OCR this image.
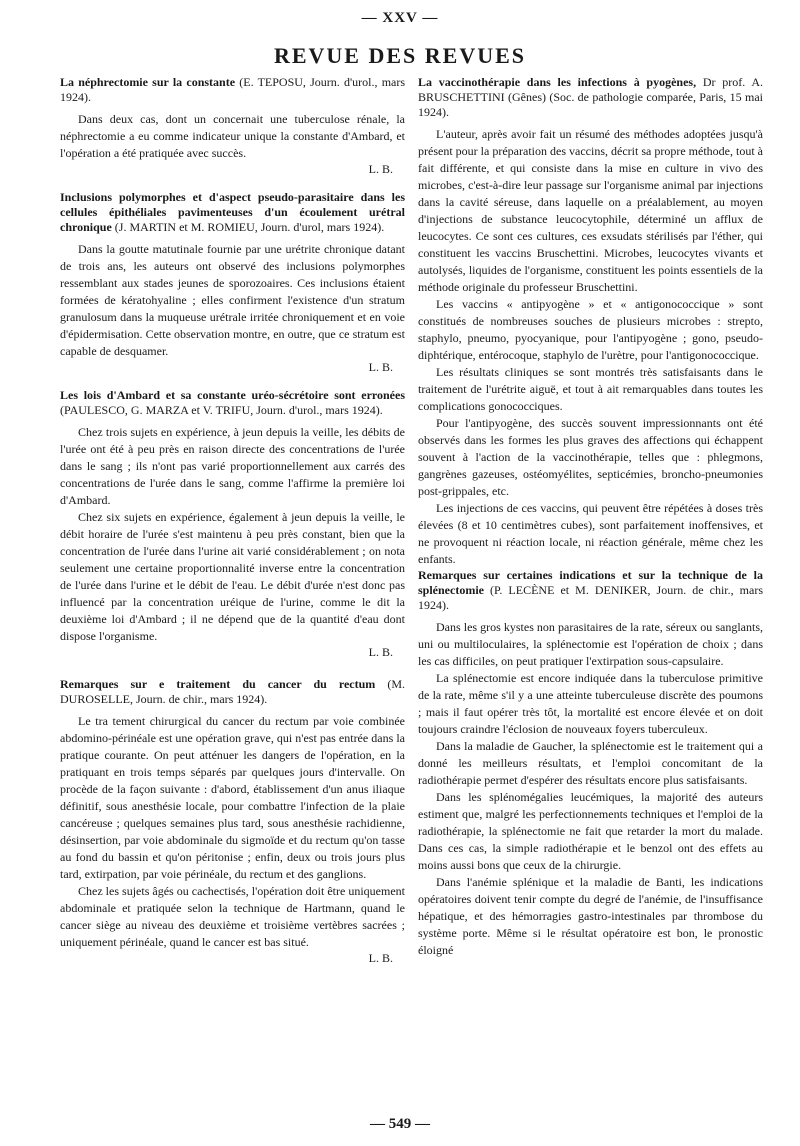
— XXV —
REVUE DES REVUES
La néphrectomie sur la constante (E. TEPOSU, Journ. d'urol., mars 1924).

Dans deux cas, dont un concernait une tuberculose rénale, la néphrectomie a eu comme indicateur unique la constante d'Ambard, et l'opération a été pratiquée avec succès.

L. B.
Inclusions polymorphes et d'aspect pseudo-parasitaire dans les cellules épithéliales pavimenteuses d'un écoulement urétral chronique (J. MARTIN et M. ROMIEU, Journ. d'urol, mars 1924).

Dans la goutte matutinale fournie par une urétrite chronique datant de trois ans, les auteurs ont observé des inclusions polymorphes ressemblant aux stades jeunes de sporozoaires. Ces inclusions étaient formées de kératohyaline ; elles confirment l'existence d'un stratum granulosum dans la muqueuse urétrale irritée chroniquement et en voie d'épidermisation. Cette observation montre, en outre, que ce stratum est capable de desquamer.

L. B.
Les lois d'Ambard et sa constante uréo-sécrétoire sont erronées (PAULESCO, G. MARZA et V. TRIFU, Journ. d'urol., mars 1924).

Chez trois sujets en expérience, à jeun depuis la veille, les débits de l'urée ont été à peu près en raison directe des concentrations de l'urée dans le sang ; ils n'ont pas varié proportionnellement aux carrés des concentrations de l'urée dans le sang, comme l'affirme la première loi d'Ambard.

Chez six sujets en expérience, également à jeun depuis la veille, le débit horaire de l'urée s'est maintenu à peu près constant, bien que la concentration de l'urée dans l'urine ait varié considérablement ; on nota seulement une certaine proportionnalité inverse entre la concentration de l'urée dans l'urine et le débit de l'eau. Le débit d'urée n'est donc pas influencé par la concentration uréique de l'urine, comme le dit la deuxième loi d'Ambard ; il ne dépend que de la quantité d'eau dont dispose l'organisme.

L. B.
Remarques sur e traitement du cancer du rectum (M. DUROSELLE, Journ. de chir., mars 1924).

Le tra tement chirurgical du cancer du rectum par voie combinée abdomino-périnéale est une opération grave, qui n'est pas entrée dans la pratique courante. On peut atténuer les dangers de l'opération, en la pratiquant en trois temps séparés par quelques jours d'intervalle. On procède de la façon suivante : d'abord, établissement d'un anus iliaque définitif, sous anesthésie locale, pour combattre l'infection de la plaie cancéreuse ; quelques semaines plus tard, sous anesthésie rachidienne, désinsertion, par voie abdominale du sigmoïde et du rectum qu'on tasse au fond du bassin et qu'on péritonise ; enfin, deux ou trois jours plus tard, extirpation, par voie périnéale, du rectum et des ganglions.

Chez les sujets âgés ou cachectisés, l'opération doit être uniquement abdominale et pratiquée selon la technique de Hartmann, quand le cancer siège au niveau des deuxième et troisième vertèbres sacrées ; uniquement périnéale, quand le cancer est bas situé.

L. B.
La vaccinothérapie dans les infections à pyogènes, Dr prof. A. BRUSCHETTINI (Gênes) (Soc. de pathologie comparée, Paris, 15 mai 1924).

L'auteur, après avoir fait un résumé des méthodes adoptées jusqu'à présent pour la préparation des vaccins, décrit sa propre méthode, tout à fait différente, et qui consiste dans la mise en culture in vivo des microbes, c'est-à-dire leur passage sur l'organisme animal par injections dans la cavité séreuse, dans laquelle on a préalablement, au moyen d'injections de substance leucocytophile, déterminé un afflux de leucocytes. Ce sont ces cultures, ces exsudats stérilisés par l'éther, qui constituent les vaccins Bruschettini. Microbes, leucocytes vivants et autolysés, liquides de l'organisme, constituent les points essentiels de la méthode originale du professeur Bruschettini.

Les vaccins « antipyogène » et « antigonococcique » sont constitués de nombreuses souches de plusieurs microbes : strepto, staphylo, pneumo, pyocyanique, pour l'antipyogène ; gono, pseudo-diphtérique, entérocoque, staphylo de l'urètre, pour l'antigonococcique.

Les résultats cliniques se sont montrés très satisfaisants dans le traitement de l'urétrite aiguë, et tout à ait remarquables dans toutes les complications gonococciques.

Pour l'antipyogène, des succès souvent impressionnants ont été observés dans les formes les plus graves des affections qui échappent souvent à l'action de la vaccinothérapie, telles que : phlegmons, gangrènes gazeuses, ostéomyélites, septicémies, broncho-pneumonies post-grippales, etc.

Les injections de ces vaccins, qui peuvent être répétées à doses très élevées (8 et 10 centimètres cubes), sont parfaitement inoffensives, et ne provoquent ni réaction locale, ni réaction générale, même chez les enfants.

Remarques sur certaines indications et sur la technique de la splénectomie (P. LECÈNE et M. DENIKER, Journ. de chir., mars 1924).

Dans les gros kystes non parasitaires de la rate, séreux ou sanglants, uni ou multiloculaires, la splénectomie est l'opération de choix ; dans les cas difficiles, on peut pratiquer l'extirpation sous-capsulaire.

La splénectomie est encore indiquée dans la tuberculose primitive de la rate, même s'il y a une atteinte tuberculeuse discrète des poumons ; mais il faut opérer très tôt, la mortalité est encore élevée et on doit toujours craindre l'éclosion de nouveaux foyers tuberculeux.

Dans la maladie de Gaucher, la splénectomie est le traitement qui a donné les meilleurs résultats, et l'emploi concomitant de la radiothérapie permet d'espérer des résultats encore plus satisfaisants.

Dans les splénomégalies leucémiques, la majorité des auteurs estiment que, malgré les perfectionnements techniques et l'emploi de la radiothérapie, la splénectomie ne fait que retarder la mort du malade. Dans ces cas, la simple radiothérapie et le benzol ont des effets au moins aussi bons que ceux de la chirurgie.

Dans l'anémie splénique et la maladie de Banti, les indications opératoires doivent tenir compte du degré de l'anémie, de l'insuffisance hépatique, et des hémorragies gastro-intestinales par thrombose du système porte. Même si le résultat opératoire est bon, le pronostic éloigné

— 549 —
